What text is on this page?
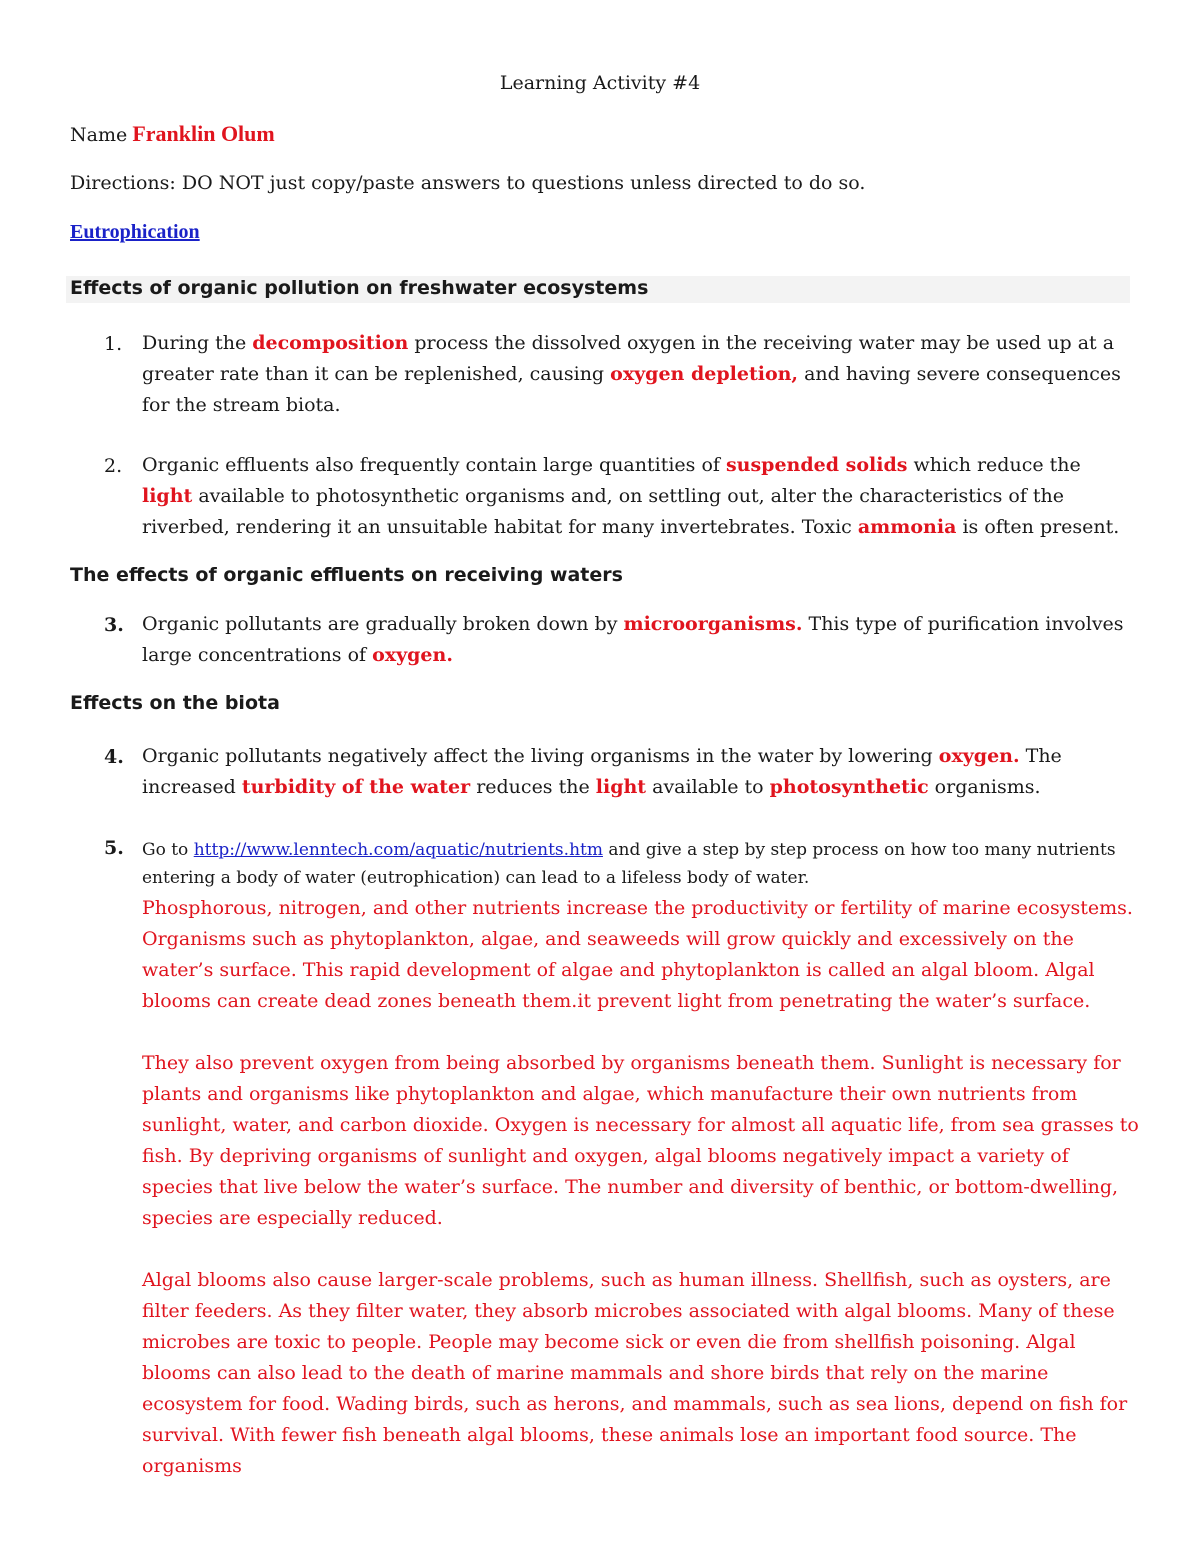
Learning Activity #4
Name Franklin Olum
Directions: DO NOT just copy/paste answers to questions unless directed to do so.
Eutrophication
Effects of organic pollution on freshwater ecosystems
1. During the decomposition process the dissolved oxygen in the receiving water may be used up at a greater rate than it can be replenished, causing oxygen depletion, and having severe consequences for the stream biota.
2. Organic effluents also frequently contain large quantities of suspended solids which reduce the light available to photosynthetic organisms and, on settling out, alter the characteristics of the riverbed, rendering it an unsuitable habitat for many invertebrates. Toxic ammonia is often present.
The effects of organic effluents on receiving waters
3. Organic pollutants are gradually broken down by microorganisms. This type of purification involves large concentrations of oxygen.
Effects on the biota
4. Organic pollutants negatively affect the living organisms in the water by lowering oxygen. The increased turbidity of the water reduces the light available to photosynthetic organisms.
5. Go to http://www.lenntech.com/aquatic/nutrients.htm and give a step by step process on how too many nutrients entering a body of water (eutrophication) can lead to a lifeless body of water.
Phosphorous, nitrogen, and other nutrients increase the productivity or fertility of marine ecosystems. Organisms such as phytoplankton, algae, and seaweeds will grow quickly and excessively on the water’s surface. This rapid development of algae and phytoplankton is called an algal bloom. Algal blooms can create dead zones beneath them.it prevent light from penetrating the water’s surface.
They also prevent oxygen from being absorbed by organisms beneath them. Sunlight is necessary for plants and organisms like phytoplankton and algae, which manufacture their own nutrients from sunlight, water, and carbon dioxide. Oxygen is necessary for almost all aquatic life, from sea grasses to fish. By depriving organisms of sunlight and oxygen, algal blooms negatively impact a variety of species that live below the water’s surface. The number and diversity of benthic, or bottom-dwelling, species are especially reduced.
Algal blooms also cause larger-scale problems, such as human illness. Shellfish, such as oysters, are filter feeders. As they filter water, they absorb microbes associated with algal blooms. Many of these microbes are toxic to people. People may become sick or even die from shellfish poisoning. Algal blooms can also lead to the death of marine mammals and shore birds that rely on the marine ecosystem for food. Wading birds, such as herons, and mammals, such as sea lions, depend on fish for survival. With fewer fish beneath algal blooms, these animals lose an important food source. The organisms
